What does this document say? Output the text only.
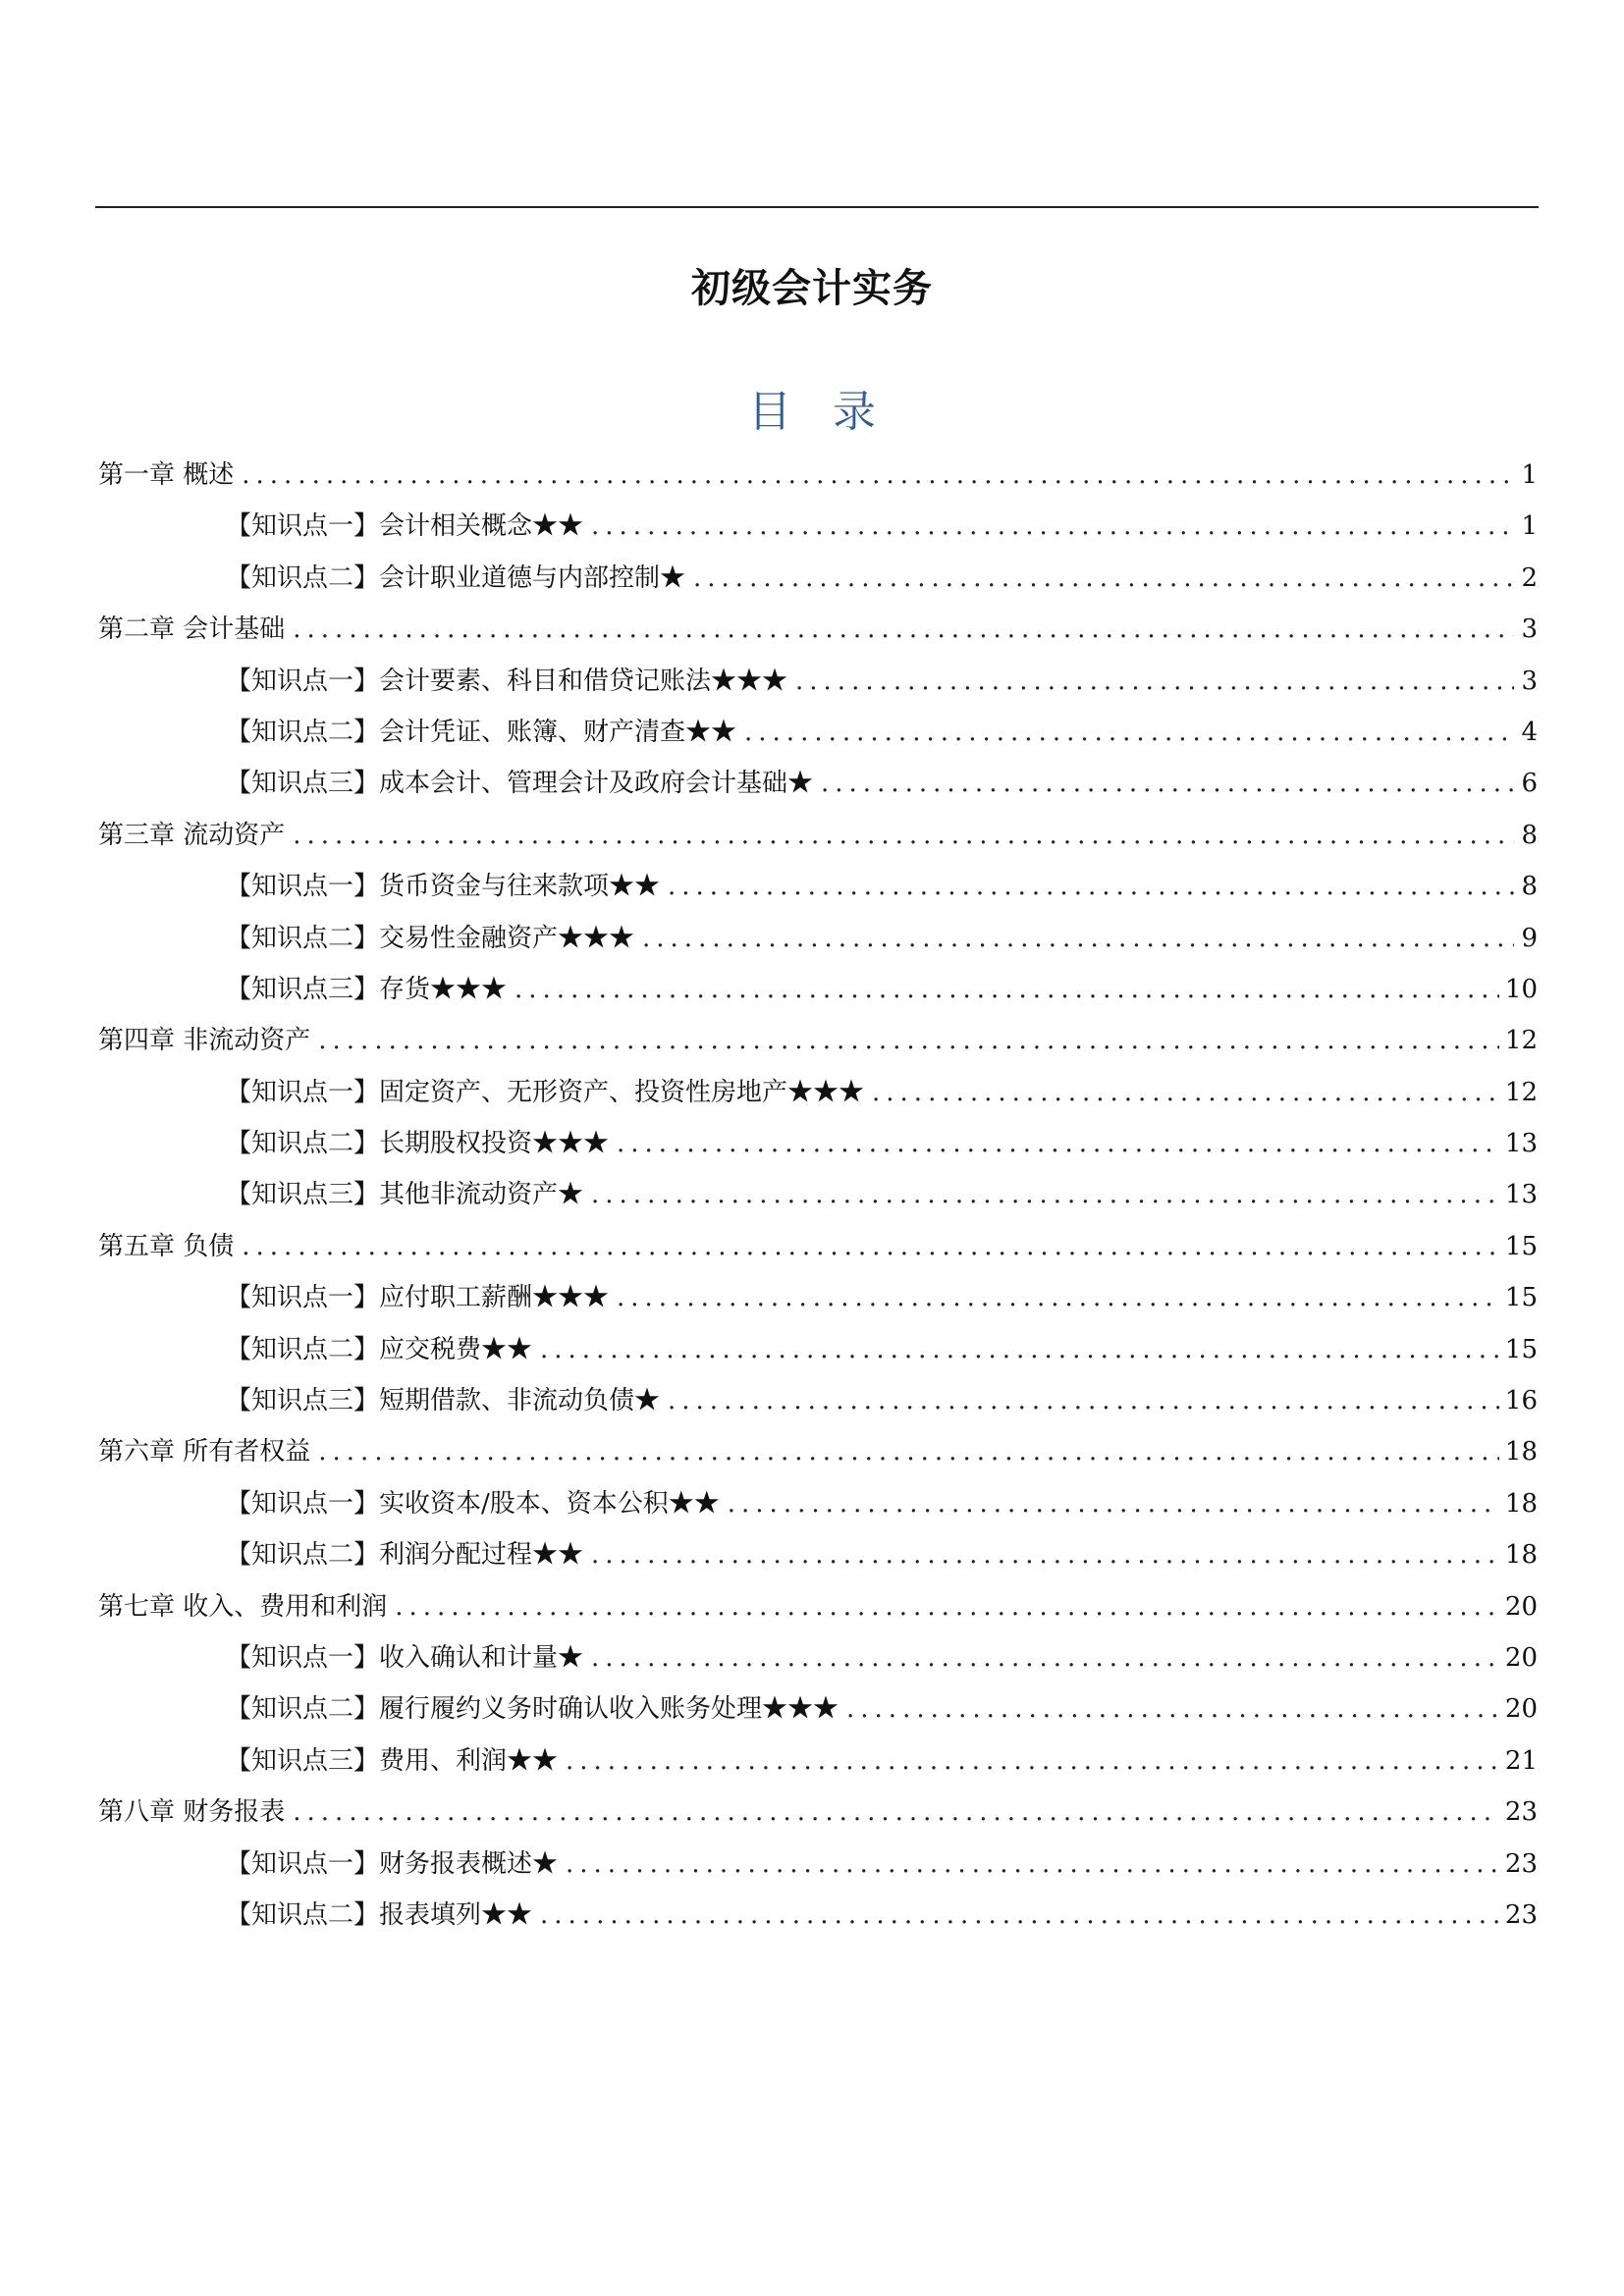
初级会计实务
目录
第一章 概述 .....	1
【知识点一】会计相关概念★★ .....	1
【知识点二】会计职业道德与内部控制★ .....	2
第二章 会计基础 .....	3
【知识点一】会计要素、科目和借贷记账法★★★ .....	3
【知识点二】会计凭证、账簿、财产清查★★ .....	4
【知识点三】成本会计、管理会计及政府会计基础★ .....	6
第三章 流动资产 .....	8
【知识点一】货币资金与往来款项★★ .....	8
【知识点二】交易性金融资产★★★ .....	9
【知识点三】存货★★★ .....	10
第四章 非流动资产 .....	12
【知识点一】固定资产、无形资产、投资性房地产★★★ .....	12
【知识点二】长期股权投资★★★ .....	13
【知识点三】其他非流动资产★ .....	13
第五章 负债 .....	15
【知识点一】应付职工薪酬★★★ .....	15
【知识点二】应交税费★★ .....	15
【知识点三】短期借款、非流动负债★ .....	16
第六章 所有者权益 .....	18
【知识点一】实收资本/股本、资本公积★★ .....	18
【知识点二】利润分配过程★★ .....	18
第七章 收入、费用和利润 .....	20
【知识点一】收入确认和计量★ .....	20
【知识点二】履行履约义务时确认收入账务处理★★★ .....	20
【知识点三】费用、利润★★ .....	21
第八章 财务报表 .....	23
【知识点一】财务报表概述★ .....	23
【知识点二】报表填列★★ .....	23
